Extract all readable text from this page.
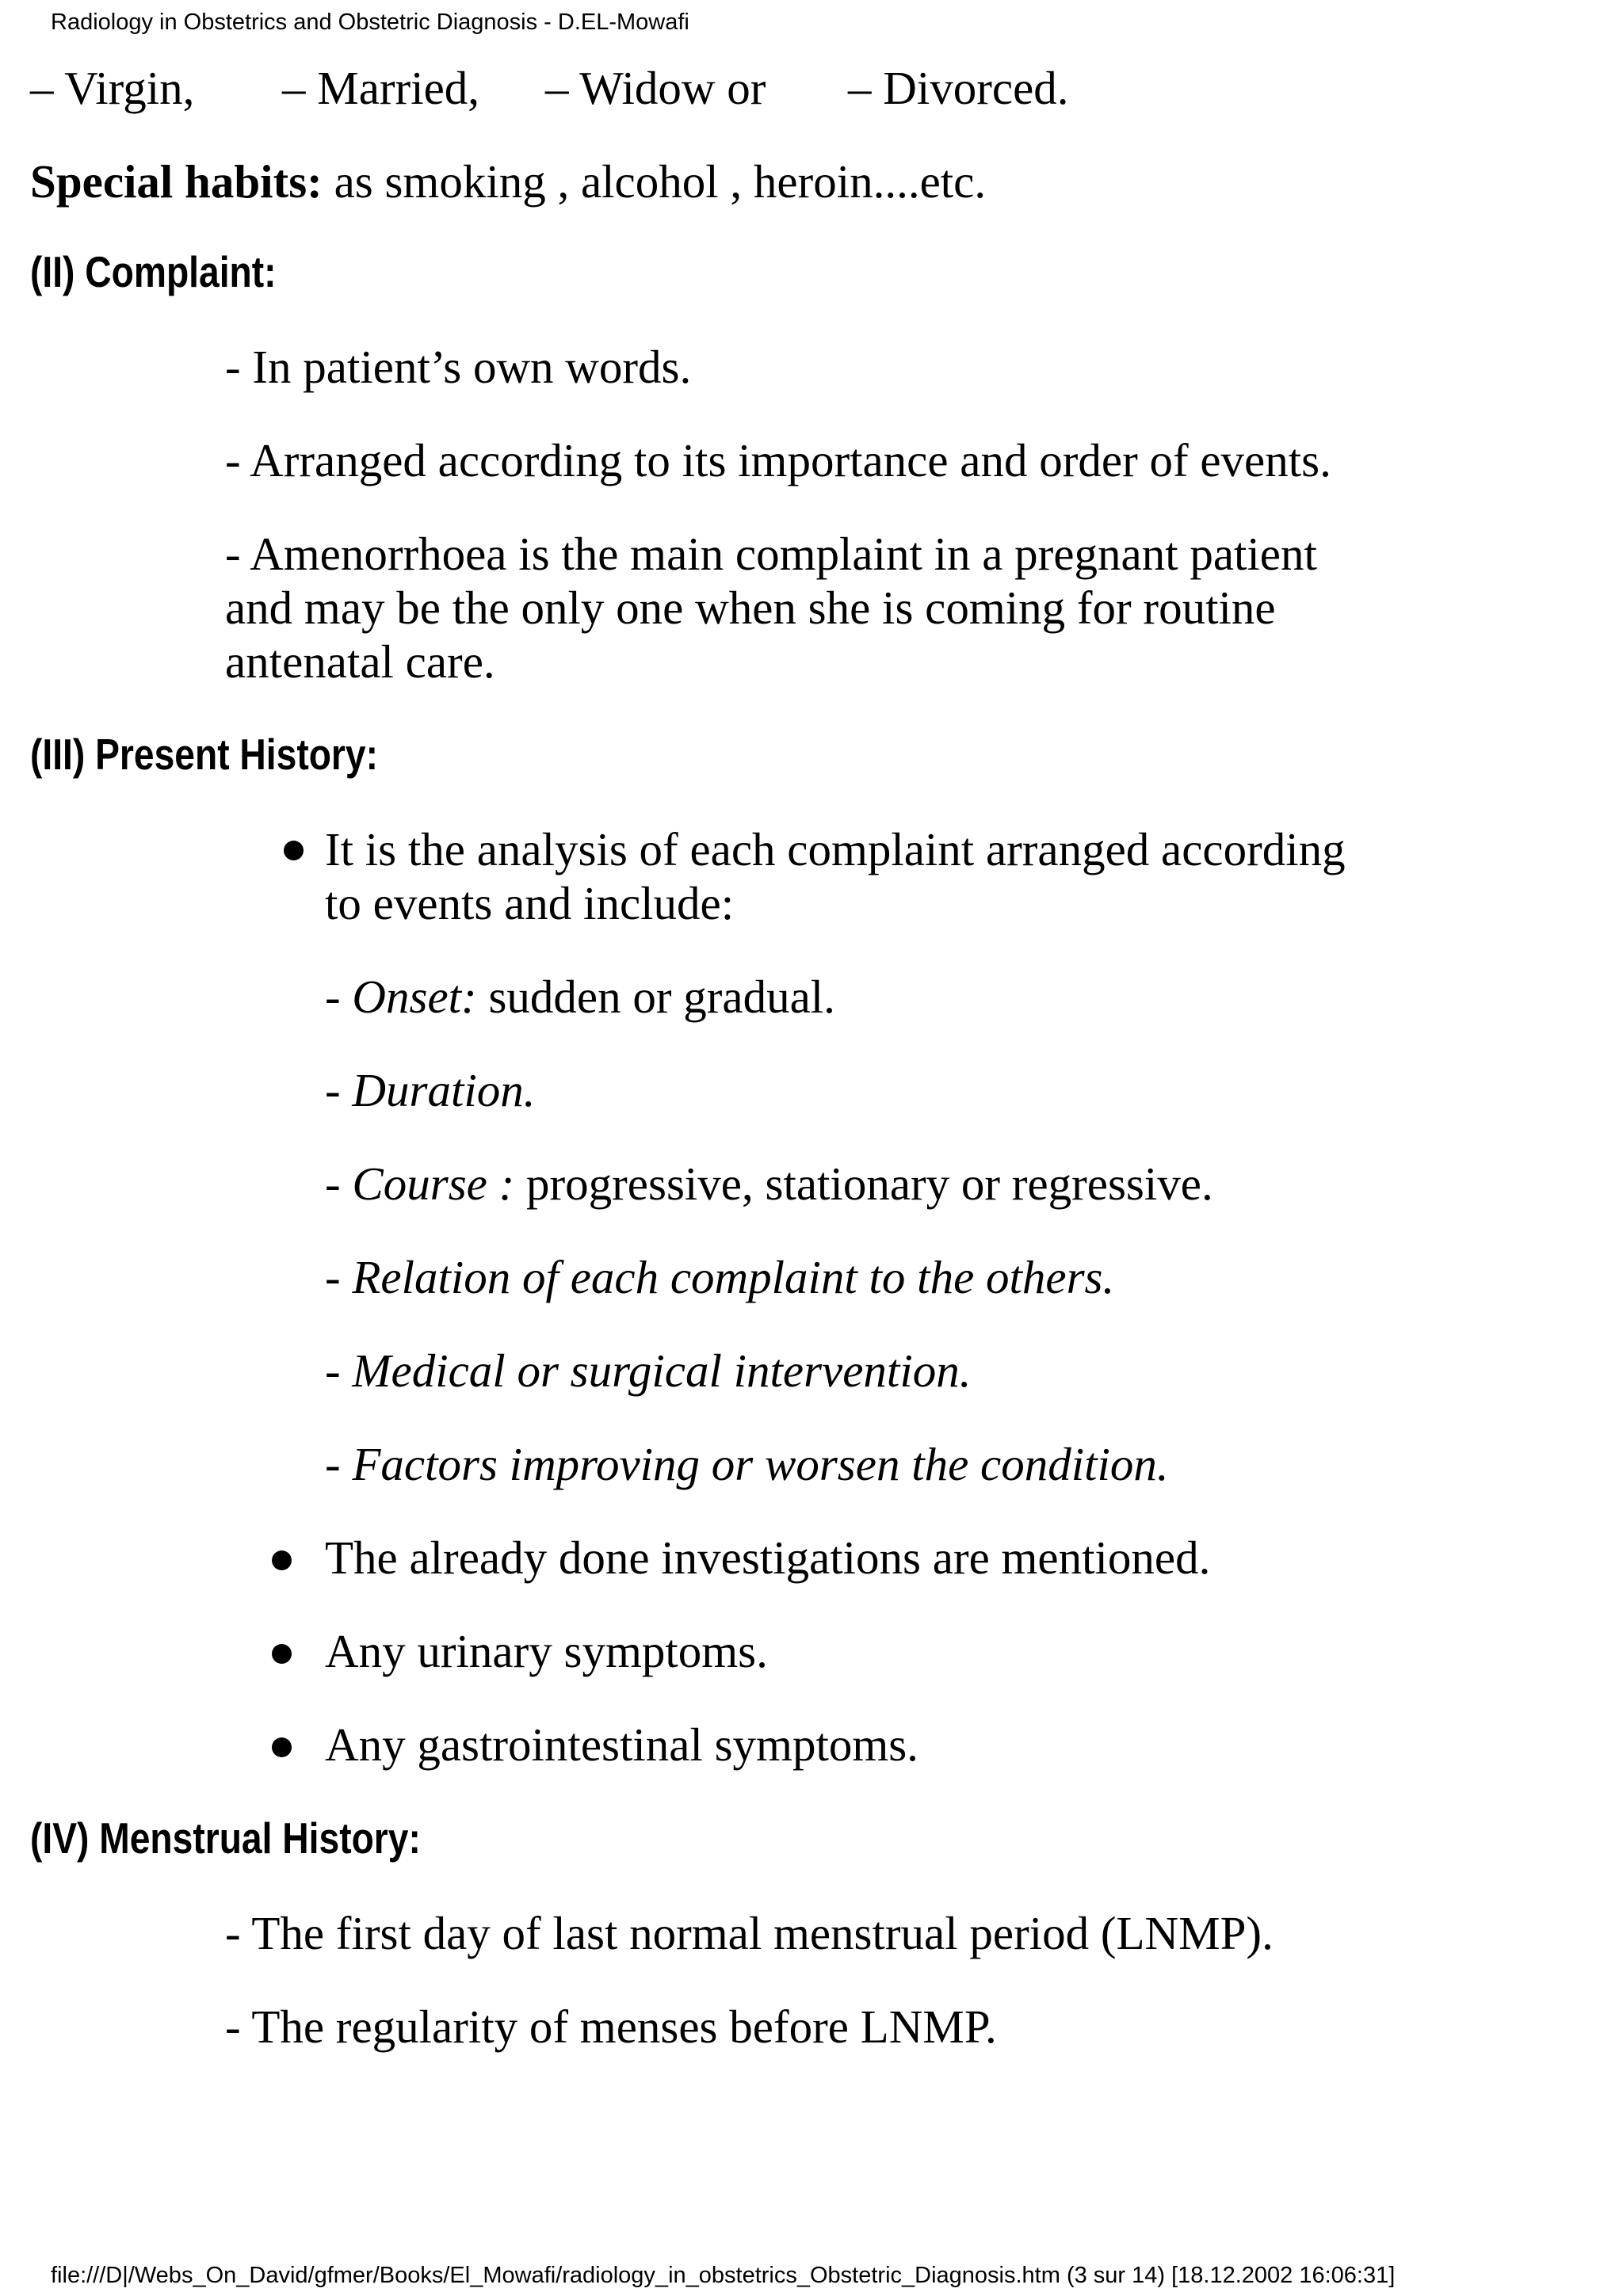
Radiology in Obstetrics and Obstetric Diagnosis - D.EL-Mowafi
– Virgin, – Married, – Widow or – Divorced.
Special habits: as smoking , alcohol , heroin....etc.
(II) Complaint:
- In patient’s own words.
- Arranged according to its importance and order of events.
- Amenorrhoea is the main complaint in a pregnant patient
and may be the only one when she is coming for routine
antenatal care.
(III) Present History:
It is the analysis of each complaint arranged according
to events and include:
- Onset: sudden or gradual.
- Duration.
- Course : progressive, stationary or regressive.
- Relation of each complaint to the others.
- Medical or surgical intervention.
- Factors improving or worsen the condition.
The already done investigations are mentioned.
Any urinary symptoms.
Any gastrointestinal symptoms.
(IV) Menstrual History:
- The first day of last normal menstrual period (LNMP).
- The regularity of menses before LNMP.
file:///D|/Webs_On_David/gfmer/Books/El_Mowafi/radiology_in_obstetrics_Obstetric_Diagnosis.htm (3 sur 14) [18.12.2002 16:06:31]
